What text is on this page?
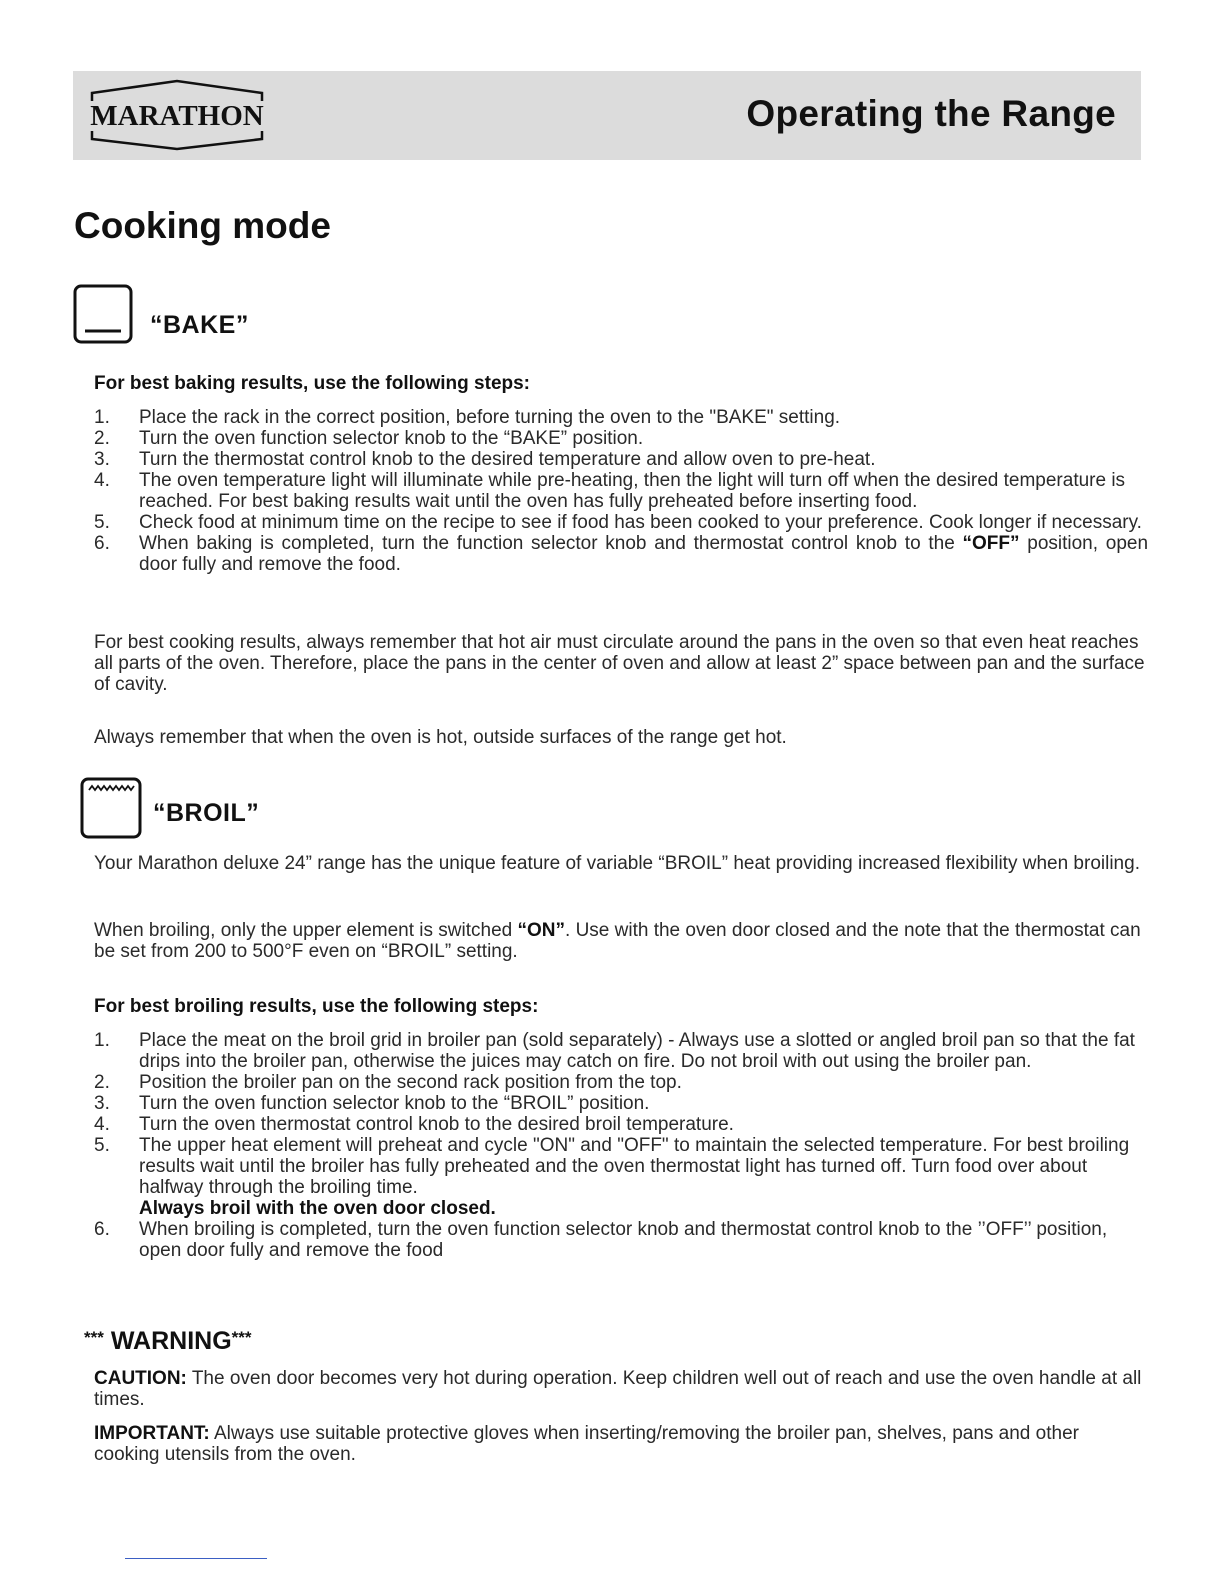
MARATHON	Operating the Range
Cooking mode
“BAKE”
For best baking results, use the following steps:
1. Place the rack in the correct position, before turning the oven to the "BAKE" setting.
2. Turn the oven function selector knob to the “BAKE” position.
3. Turn the thermostat control knob to the desired temperature and allow oven to pre-heat.
4. The oven temperature light will illuminate while pre-heating, then the light will turn off when the desired temperature is reached. For best baking results wait until the oven has fully preheated before inserting food.
5. Check food at minimum time on the recipe to see if food has been cooked to your preference. Cook longer if necessary.
6. When baking is completed, turn the function selector knob and thermostat control knob to the “OFF” position, open door fully and remove the food.

For best cooking results, always remember that hot air must circulate around the pans in the oven so that even heat reaches all parts of the oven. Therefore, place the pans in the center of oven and allow at least 2” space between pan and the surface of cavity.

Always remember that when the oven is hot, outside surfaces of the range get hot.

“BROIL”

Your Marathon deluxe 24” range has the unique feature of variable “BROIL” heat providing increased flexibility when broiling.

When broiling, only the upper element is switched “ON”. Use with the oven door closed and the note that the thermostat can be set from 200 to 500°F even on “BROIL” setting.

For best broiling results, use the following steps:
1. Place the meat on the broil grid in broiler pan (sold separately) - Always use a slotted or angled broil pan so that the fat drips into the broiler pan, otherwise the juices may catch on fire. Do not broil with out using the broiler pan.
2. Position the broiler pan on the second rack position from the top.
3. Turn the oven function selector knob to the “BROIL” position.
4. Turn the oven thermostat control knob to the desired broil temperature.
5. The upper heat element will preheat and cycle "ON" and "OFF" to maintain the selected temperature. For best broiling results wait until the broiler has fully preheated and the oven thermostat light has turned off. Turn food over about halfway through the broiling time.
Always broil with the oven door closed.
6. When broiling is completed, turn the oven function selector knob and thermostat control knob to the ’’OFF’’ position, open door fully and remove the food
*** WARNING***

CAUTION: The oven door becomes very hot during operation. Keep children well out of reach and use the oven handle at all times.

IMPORTANT: Always use suitable protective gloves when inserting/removing the broiler pan, shelves, pans and other cooking utensils from the oven.
